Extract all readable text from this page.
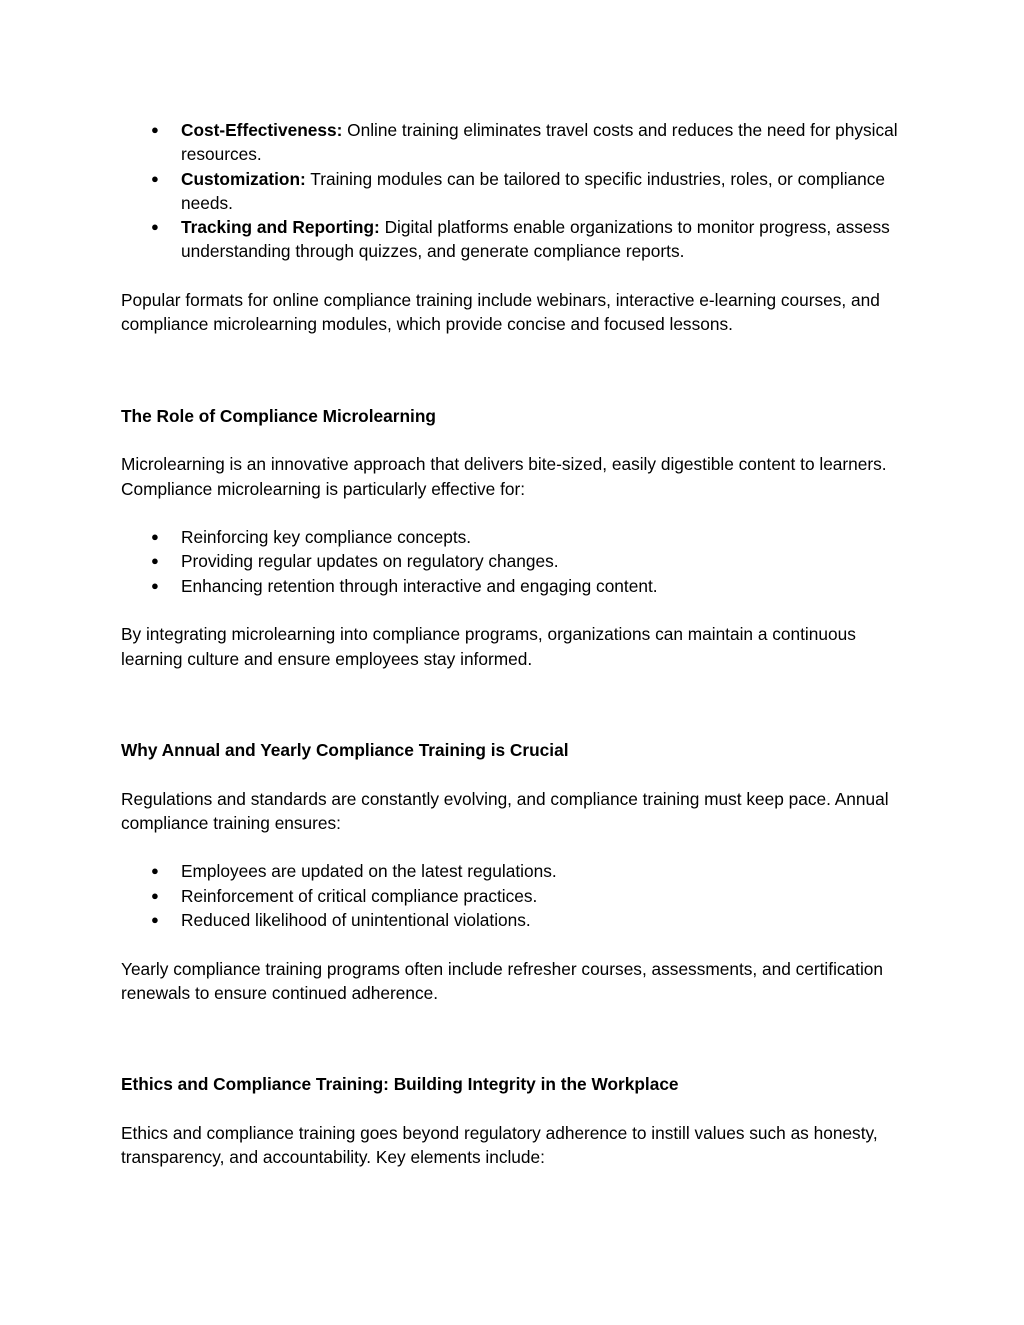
● Cost-Effectiveness: Online training eliminates travel costs and reduces the need for physical resources.
● Customization: Training modules can be tailored to specific industries, roles, or compliance needs.
● Tracking and Reporting: Digital platforms enable organizations to monitor progress, assess understanding through quizzes, and generate compliance reports.

Popular formats for online compliance training include webinars, interactive e-learning courses, and compliance microlearning modules, which provide concise and focused lessons.

The Role of Compliance Microlearning

Microlearning is an innovative approach that delivers bite-sized, easily digestible content to learners. Compliance microlearning is particularly effective for:

● Reinforcing key compliance concepts.
● Providing regular updates on regulatory changes.
● Enhancing retention through interactive and engaging content.

By integrating microlearning into compliance programs, organizations can maintain a continuous learning culture and ensure employees stay informed.

Why Annual and Yearly Compliance Training is Crucial

Regulations and standards are constantly evolving, and compliance training must keep pace. Annual compliance training ensures:

● Employees are updated on the latest regulations.
● Reinforcement of critical compliance practices.
● Reduced likelihood of unintentional violations.

Yearly compliance training programs often include refresher courses, assessments, and certification renewals to ensure continued adherence.

Ethics and Compliance Training: Building Integrity in the Workplace

Ethics and compliance training goes beyond regulatory adherence to instill values such as honesty, transparency, and accountability. Key elements include:
